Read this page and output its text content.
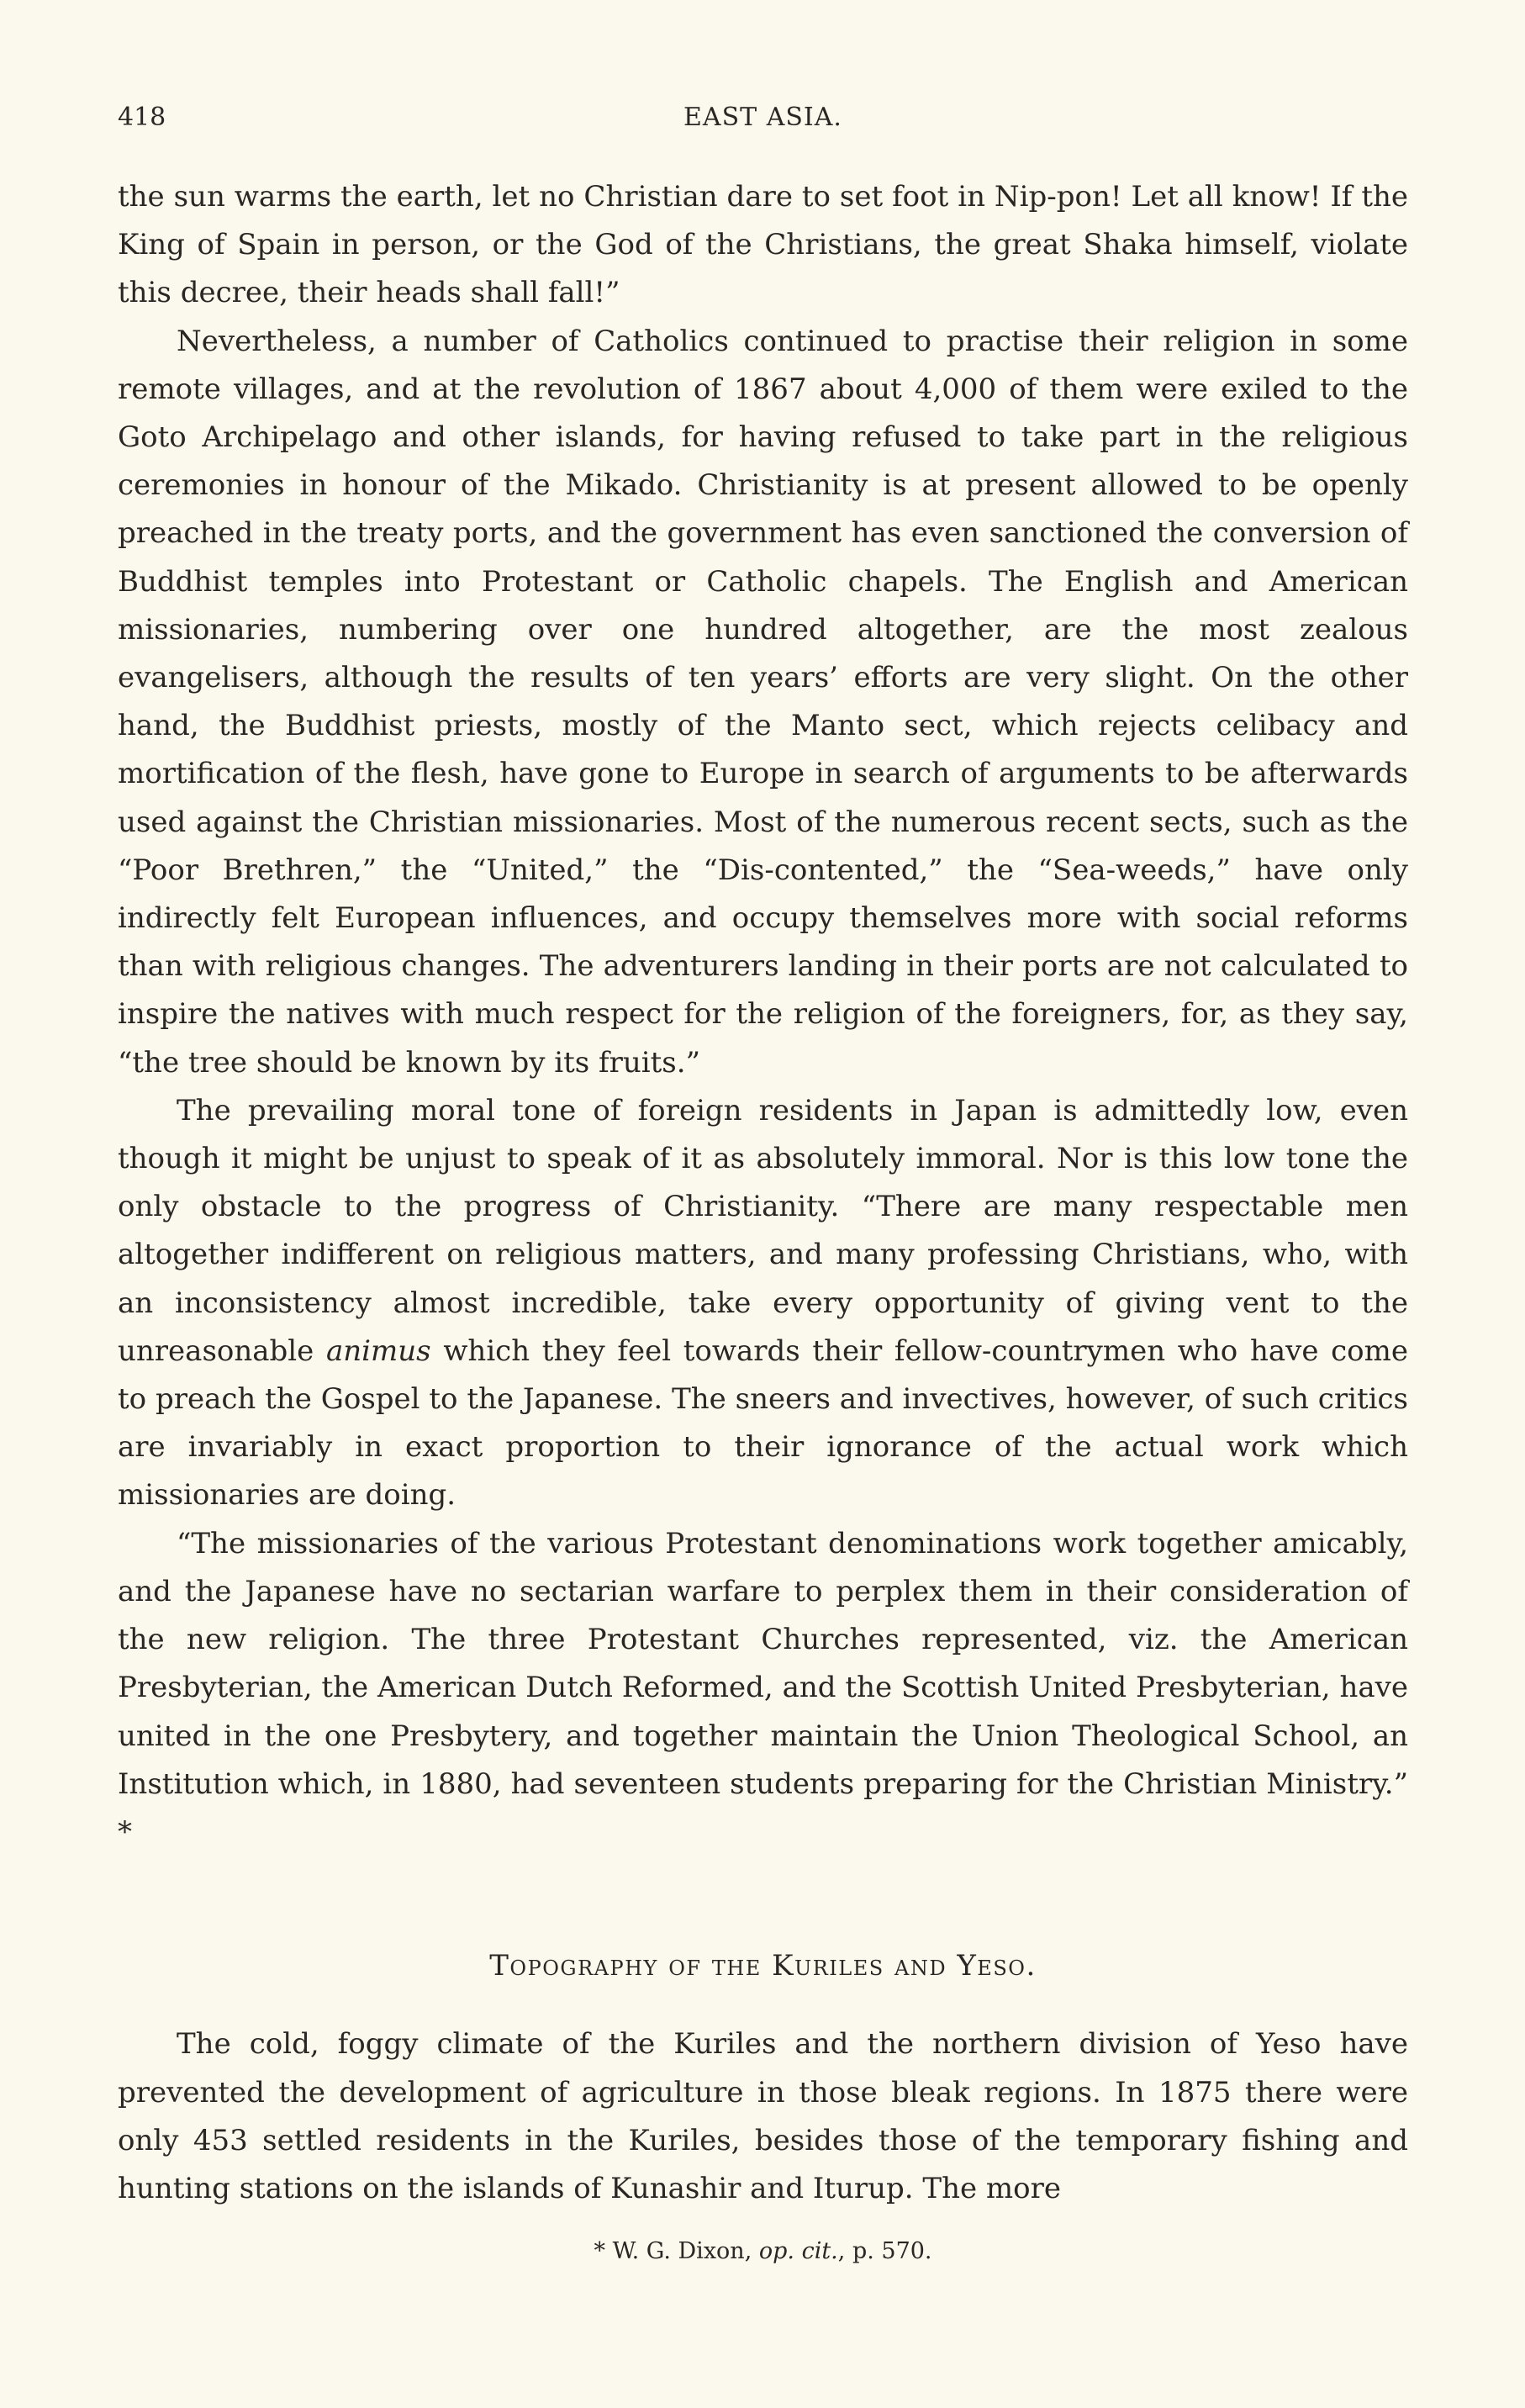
418	EAST ASIA.

the sun warms the earth, let no Christian dare to set foot in Nip-pon! Let all know! If the King of Spain in person, or the God of the Christians, the great Shaka himself, violate this decree, their heads shall fall!”

Nevertheless, a number of Catholics continued to practise their religion in some remote villages, and at the revolution of 1867 about 4,000 of them were exiled to the Goto Archipelago and other islands, for having refused to take part in the religious ceremonies in honour of the Mikado. Christianity is at present allowed to be openly preached in the treaty ports, and the government has even sanctioned the conversion of Buddhist temples into Protestant or Catholic chapels. The English and American missionaries, numbering over one hundred altogether, are the most zealous evangelisers, although the results of ten years’ efforts are very slight. On the other hand, the Buddhist priests, mostly of the Manto sect, which rejects celibacy and mortification of the flesh, have gone to Europe in search of arguments to be afterwards used against the Christian missionaries. Most of the numerous recent sects, such as the “Poor Brethren,” the “United,” the “Dis-contented,” the “Sea-weeds,” have only indirectly felt European influences, and occupy themselves more with social reforms than with religious changes. The adventurers landing in their ports are not calculated to inspire the natives with much respect for the religion of the foreigners, for, as they say, “the tree should be known by its fruits.”

The prevailing moral tone of foreign residents in Japan is admittedly low, even though it might be unjust to speak of it as absolutely immoral. Nor is this low tone the only obstacle to the progress of Christianity. “There are many respectable men altogether indifferent on religious matters, and many professing Christians, who, with an inconsistency almost incredible, take every opportunity of giving vent to the unreasonable animus which they feel towards their fellow-countrymen who have come to preach the Gospel to the Japanese. The sneers and invectives, however, of such critics are invariably in exact proportion to their ignorance of the actual work which missionaries are doing.

“The missionaries of the various Protestant denominations work together amicably, and the Japanese have no sectarian warfare to perplex them in their consideration of the new religion. The three Protestant Churches represented, viz. the American Presbyterian, the American Dutch Reformed, and the Scottish United Presbyterian, have united in the one Presbytery, and together maintain the Union Theological School, an Institution which, in 1880, had seventeen students preparing for the Christian Ministry.” *

Topography of the Kuriles and Yeso.

The cold, foggy climate of the Kuriles and the northern division of Yeso have prevented the development of agriculture in those bleak regions. In 1875 there were only 453 settled residents in the Kuriles, besides those of the temporary fishing and hunting stations on the islands of Kunashir and Iturup. The more

* W. G. Dixon, op. cit., p. 570.
